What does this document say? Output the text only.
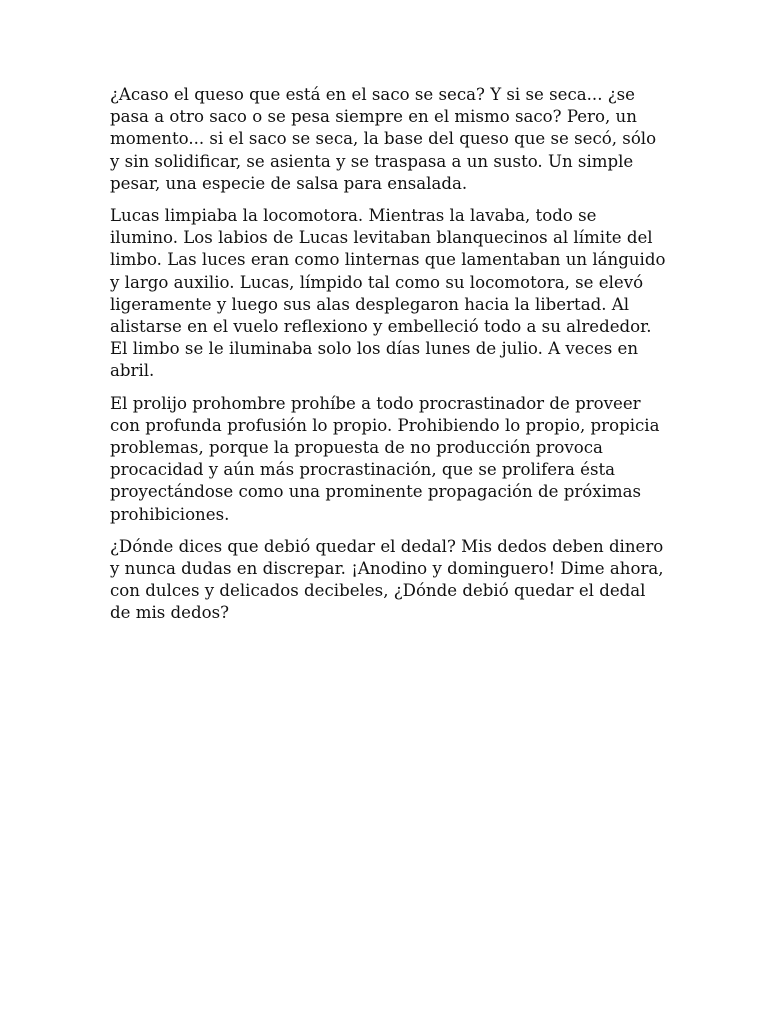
¿Acaso el queso que está en el saco se seca? Y si se seca... ¿se pasa a otro saco o se pesa siempre en el mismo saco? Pero, un momento... si el saco se seca, la base del queso que se secó, sólo y sin solidificar, se asienta y se traspasa a un susto. Un simple pesar, una especie de salsa para ensalada.

Lucas limpiaba la locomotora. Mientras la lavaba, todo se ilumino. Los labios de Lucas levitaban blanquecinos al límite del limbo. Las luces eran como linternas que lamentaban un lánguido y largo auxilio. Lucas, límpido tal como su locomotora, se elevó ligeramente y luego sus alas desplegaron hacia la libertad. Al alistarse en el vuelo reflexiono y embelleció todo a su alrededor. El limbo se le iluminaba solo los días lunes de julio. A veces en abril.

El prolijo prohombre prohíbe a todo procrastinador de proveer con profunda profusión lo propio. Prohibiendo lo propio, propicia problemas, porque la propuesta de no producción provoca procacidad y aún más procrastinación, que se prolifera ésta proyectándose como una prominente propagación de próximas prohibiciones.

¿Dónde dices que debió quedar el dedal? Mis dedos deben dinero y nunca dudas en discrepar. ¡Anodino y dominguero! Dime ahora, con dulces y delicados decibeles, ¿Dónde debió quedar el dedal de mis dedos?
